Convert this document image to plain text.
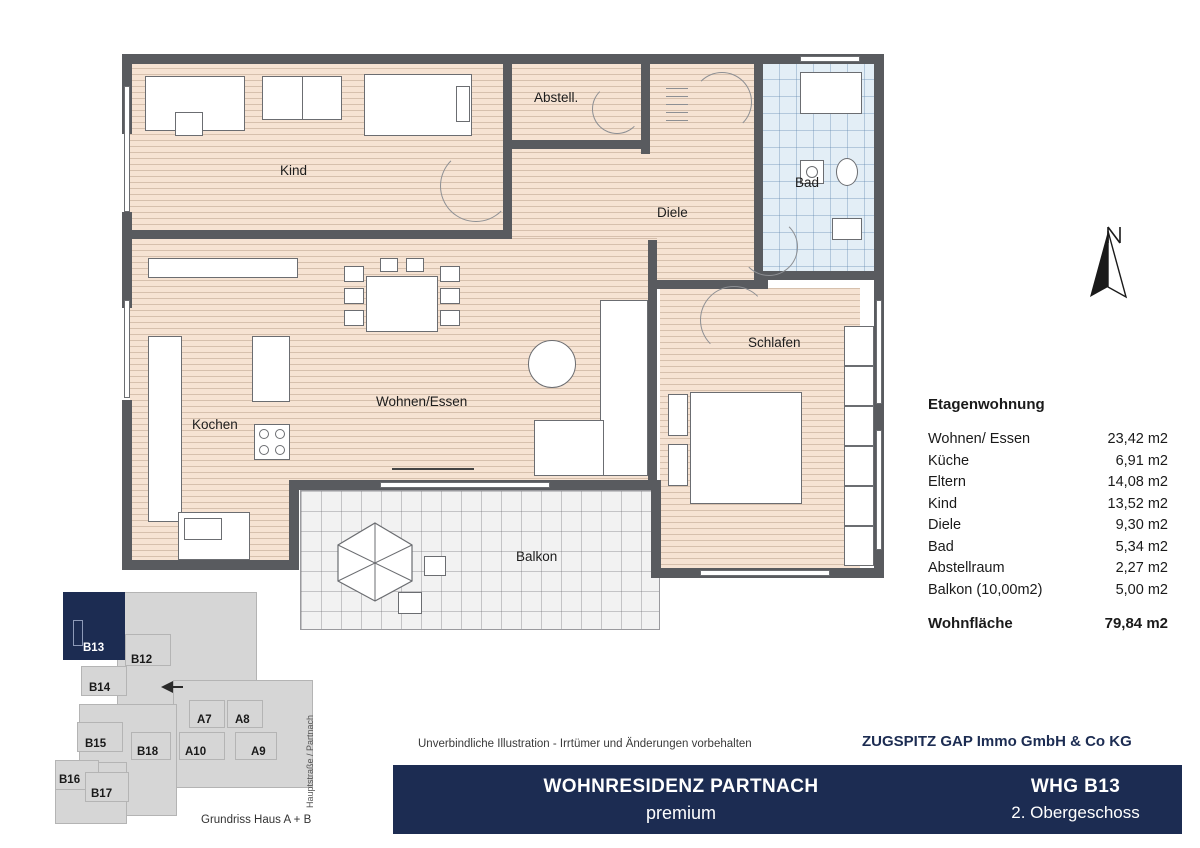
Kind
Abstell.
Diele
Bad
Schlafen
Wohnen/Essen
Kochen
Balkon
Etagenwohnung
Wohnen/ Essen	23,42 m2
Küche	6,91 m2
Eltern	14,08 m2
Kind	13,52 m2
Diele	9,30 m2
Bad	5,34 m2
Abstellraum	2,27 m2
Balkon (10,00m2)	5,00 m2
Wohnfläche	79,84 m2
Unverbindliche Illustration - Irrtümer und Änderungen vorbehalten	ZUGSPITZ GAP Immo GmbH & Co KG
WOHNRESIDENZ PARTNACH
premium
WHG B13
2. Obergeschoss
B13
B12
B14
B15
B16
B17
B18
A7 A8
A10	A9	Hauptstraße / Partnach
Grundriss Haus A + B
